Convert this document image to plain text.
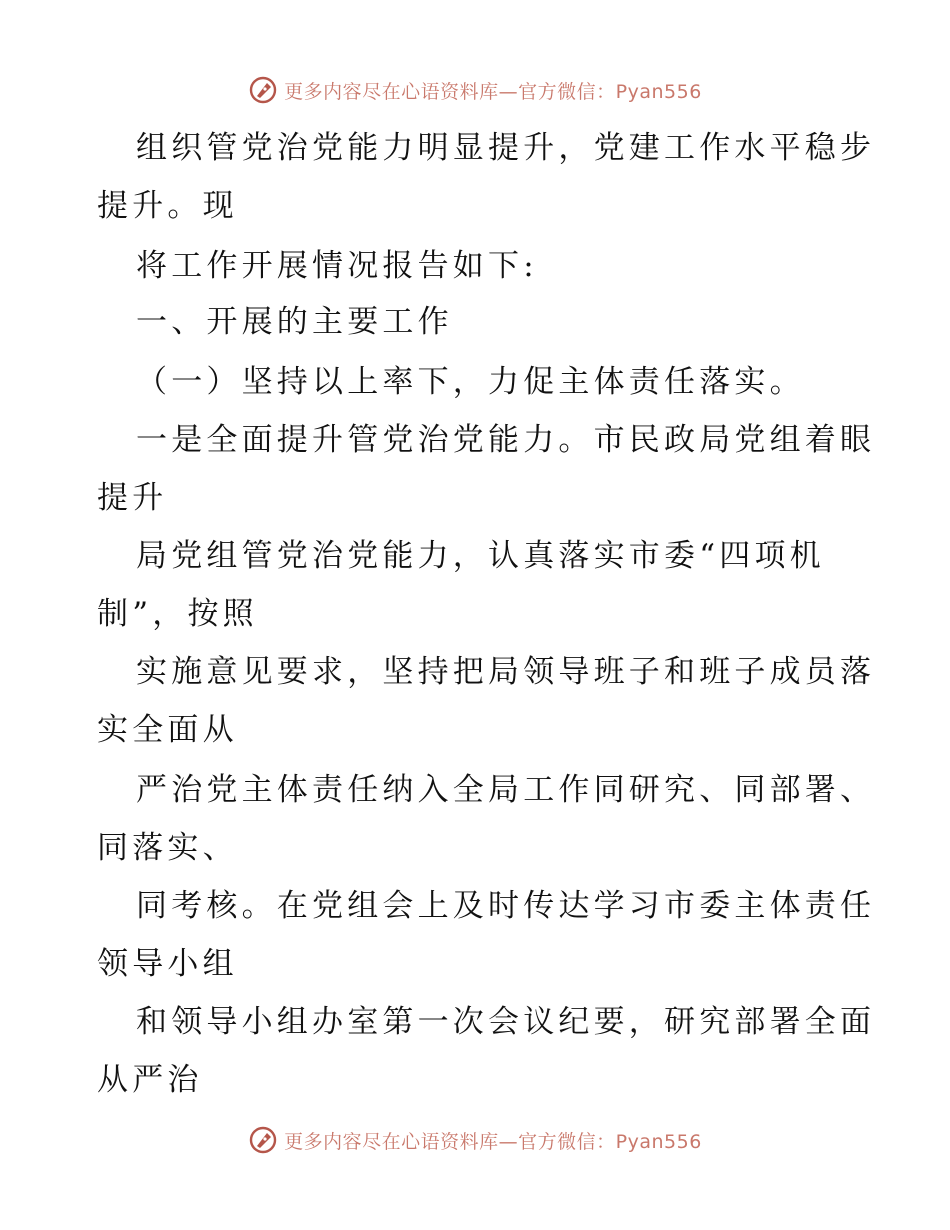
更多内容尽在心语资料库—官方微信：Pyan556
组织管党治党能力明显提升，党建工作水平稳步
提升。现
将工作开展情况报告如下:
一、开展的主要工作
（一）坚持以上率下，力促主体责任落实。
一是全面提升管党治党能力。市民政局党组着眼
提升
局党组管党治党能力，认真落实市委“四项机
制”，按照
实施意见要求，坚持把局领导班子和班子成员落
实全面从
严治党主体责任纳入全局工作同研究、同部署、
同落实、
同考核。在党组会上及时传达学习市委主体责任
领导小组
和领导小组办室第一次会议纪要，研究部署全面
从严治
更多内容尽在心语资料库—官方微信：Pyan556
